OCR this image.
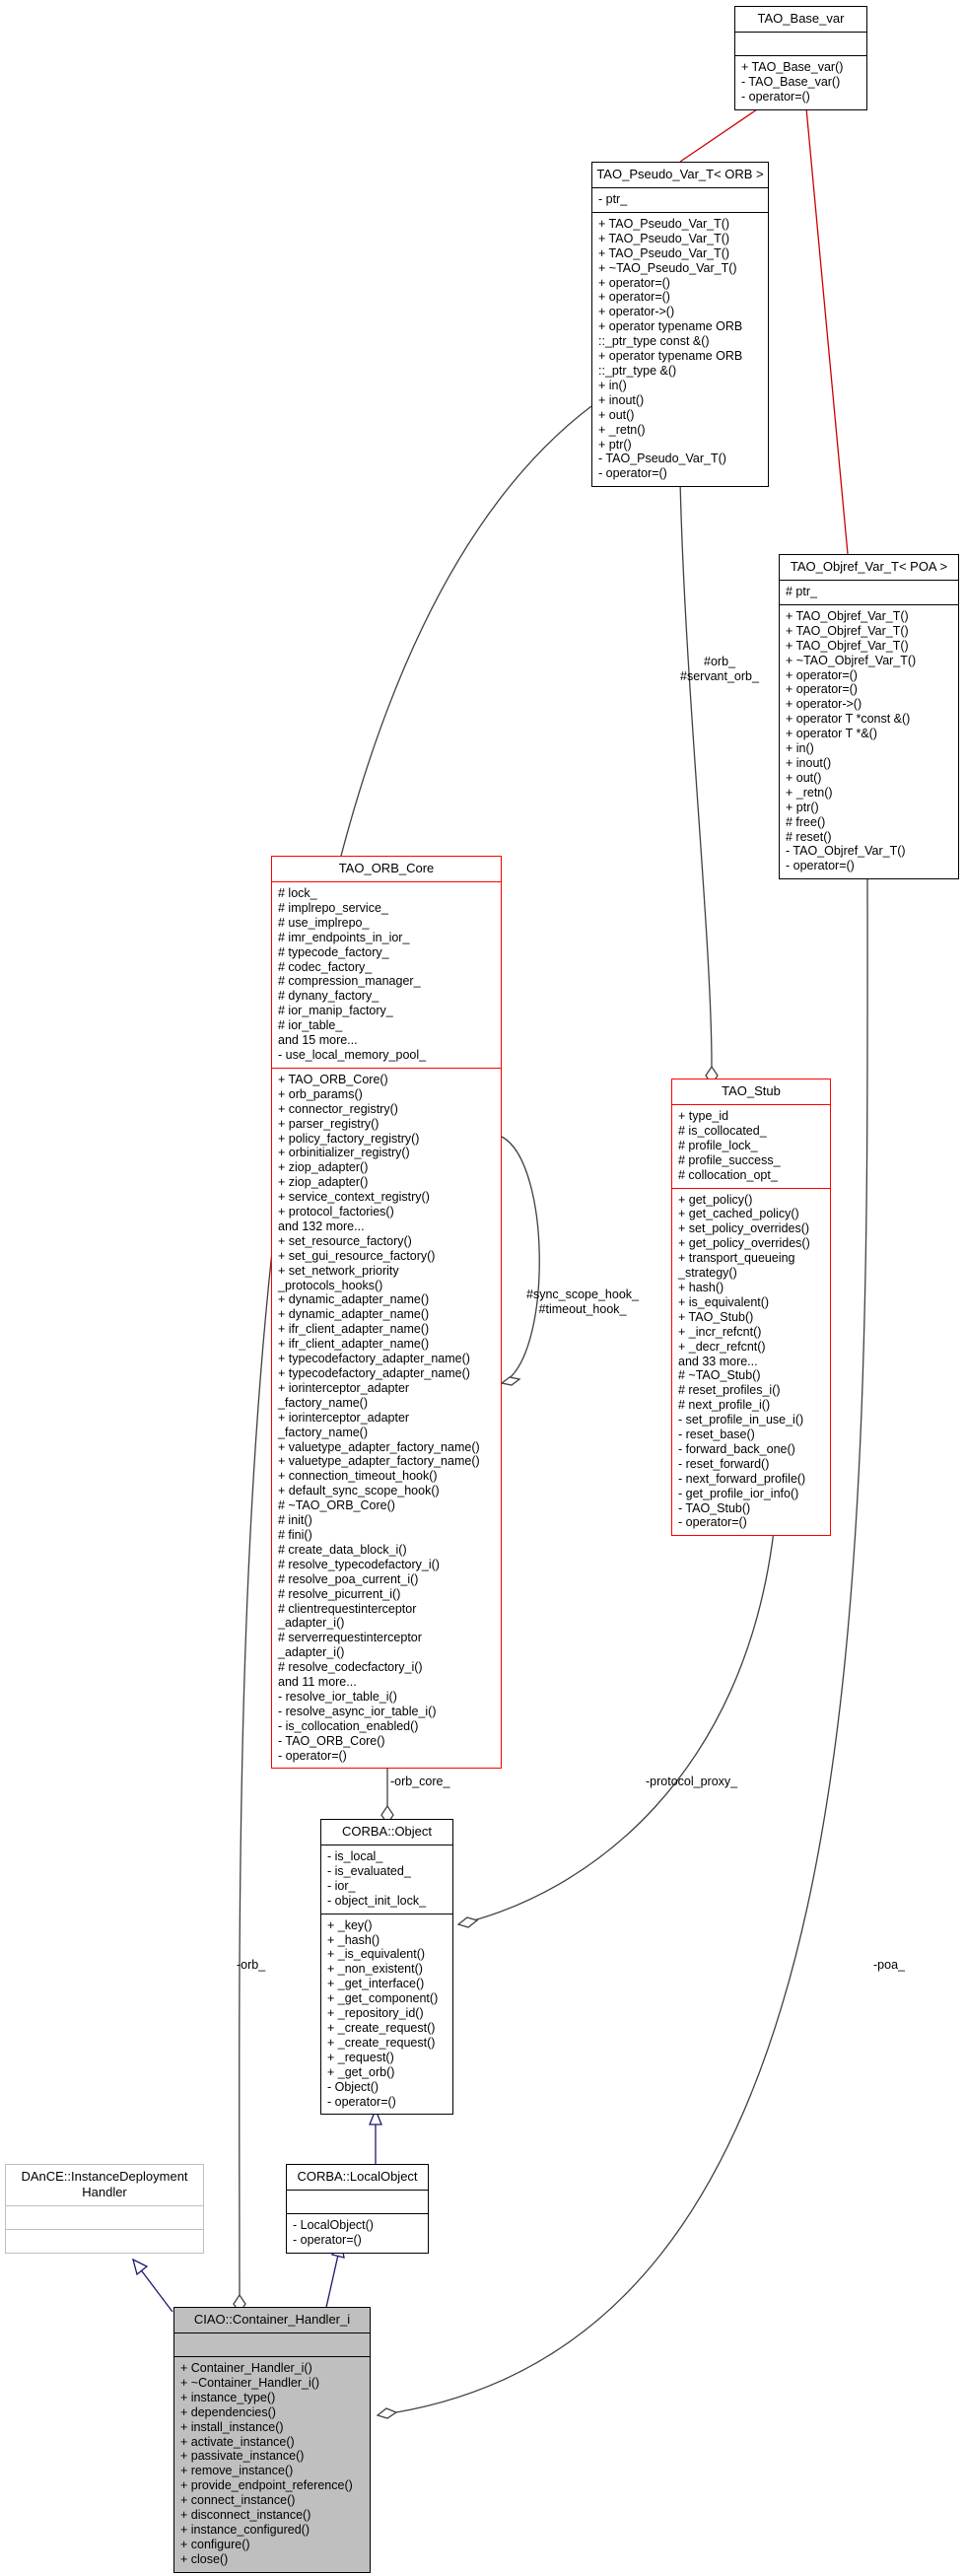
#orb_
#servant_orb_
#sync_scope_hook_
#timeout_hook_
-orb_core_	-protocol_proxy_
-orb_	-poa_
TAO_Base_var
+ TAO_Base_var()
- TAO_Base_var()
- operator=()
TAO_Pseudo_Var_T< ORB >
- ptr_
+ TAO_Pseudo_Var_T()
+ TAO_Pseudo_Var_T()
+ TAO_Pseudo_Var_T()
+ ~TAO_Pseudo_Var_T()
+ operator=()
+ operator=()
+ operator->()
+ operator typename ORB
::_ptr_type const &()
+ operator typename ORB
::_ptr_type &()
+ in()
+ inout()
+ out()
+ _retn()
+ ptr()
- TAO_Pseudo_Var_T()
- operator=()
TAO_Objref_Var_T< POA >
# ptr_
+ TAO_Objref_Var_T()
+ TAO_Objref_Var_T()
+ TAO_Objref_Var_T()
+ ~TAO_Objref_Var_T()
+ operator=()
+ operator=()
+ operator->()
+ operator T *const &()
+ operator T *&()
+ in()
+ inout()
+ out()
+ _retn()
+ ptr()
# free()
# reset()
- TAO_Objref_Var_T()
- operator=()
TAO_ORB_Core
# lock_
# implrepo_service_
# use_implrepo_
# imr_endpoints_in_ior_
# typecode_factory_
# codec_factory_
# compression_manager_
# dynany_factory_
# ior_manip_factory_
# ior_table_
and 15 more...
- use_local_memory_pool_
+ TAO_ORB_Core()
+ orb_params()
+ connector_registry()
+ parser_registry()
+ policy_factory_registry()
+ orbinitializer_registry()
+ ziop_adapter()
+ ziop_adapter()
+ service_context_registry()
+ protocol_factories()
and 132 more...
+ set_resource_factory()
+ set_gui_resource_factory()
+ set_network_priority
_protocols_hooks()
+ dynamic_adapter_name()
+ dynamic_adapter_name()
+ ifr_client_adapter_name()
+ ifr_client_adapter_name()
+ typecodefactory_adapter_name()
+ typecodefactory_adapter_name()
+ iorinterceptor_adapter
_factory_name()
+ iorinterceptor_adapter
_factory_name()
+ valuetype_adapter_factory_name()
+ valuetype_adapter_factory_name()
+ connection_timeout_hook()
+ default_sync_scope_hook()
# ~TAO_ORB_Core()
# init()
# fini()
# create_data_block_i()
# resolve_typecodefactory_i()
# resolve_poa_current_i()
# resolve_picurrent_i()
# clientrequestinterceptor
_adapter_i()
# serverrequestinterceptor
_adapter_i()
# resolve_codecfactory_i()
and 11 more...
- resolve_ior_table_i()
- resolve_async_ior_table_i()
- is_collocation_enabled()
- TAO_ORB_Core()
- operator=()
TAO_Stub
+ type_id
# is_collocated_
# profile_lock_
# profile_success_
# collocation_opt_
+ get_policy()
+ get_cached_policy()
+ set_policy_overrides()
+ get_policy_overrides()
+ transport_queueing
_strategy()
+ hash()
+ is_equivalent()
+ TAO_Stub()
+ _incr_refcnt()
+ _decr_refcnt()
and 33 more...
# ~TAO_Stub()
# reset_profiles_i()
# next_profile_i()
- set_profile_in_use_i()
- reset_base()
- forward_back_one()
- reset_forward()
- next_forward_profile()
- get_profile_ior_info()
- TAO_Stub()
- operator=()
CORBA::Object
- is_local_
- is_evaluated_
- ior_
- object_init_lock_
+ _key()
+ _hash()
+ _is_equivalent()
+ _non_existent()
+ _get_interface()
+ _get_component()
+ _repository_id()
+ _create_request()
+ _create_request()
+ _request()
+ _get_orb()
- Object()
- operator=()
DAnCE::InstanceDeployment
Handler
CORBA::LocalObject
- LocalObject()
- operator=()
CIAO::Container_Handler_i
+ Container_Handler_i()
+ ~Container_Handler_i()
+ instance_type()
+ dependencies()
+ install_instance()
+ activate_instance()
+ passivate_instance()
+ remove_instance()
+ provide_endpoint_reference()
+ connect_instance()
+ disconnect_instance()
+ instance_configured()
+ configure()
+ close()
